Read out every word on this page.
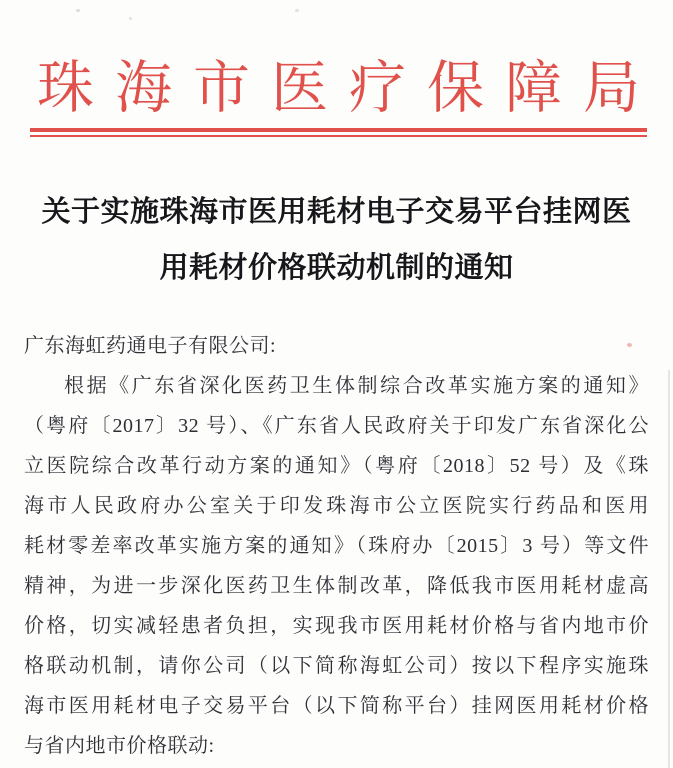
珠 海 市 医 疗 保 障 局
关于实施珠海市医用耗材电子交易平台挂网医
用耗材价格联动机制的通知
广东海虹药通电子有限公司:
根据《广东省深化医药卫生体制综合改革实施方案的通知》
（粤府〔2017〕32 号）、《广东省人民政府关于印发广东省深化公
立医院综合改革行动方案的通知》（粤府〔2018〕52 号）及《珠
海市人民政府办公室关于印发珠海市公立医院实行药品和医用
耗材零差率改革实施方案的通知》（珠府办〔2015〕3 号）等文件
精神，为进一步深化医药卫生体制改革，降低我市医用耗材虚高
价格，切实减轻患者负担，实现我市医用耗材价格与省内地市价
格联动机制，请你公司（以下简称海虹公司）按以下程序实施珠
海市医用耗材电子交易平台（以下简称平台）挂网医用耗材价格
与省内地市价格联动:
